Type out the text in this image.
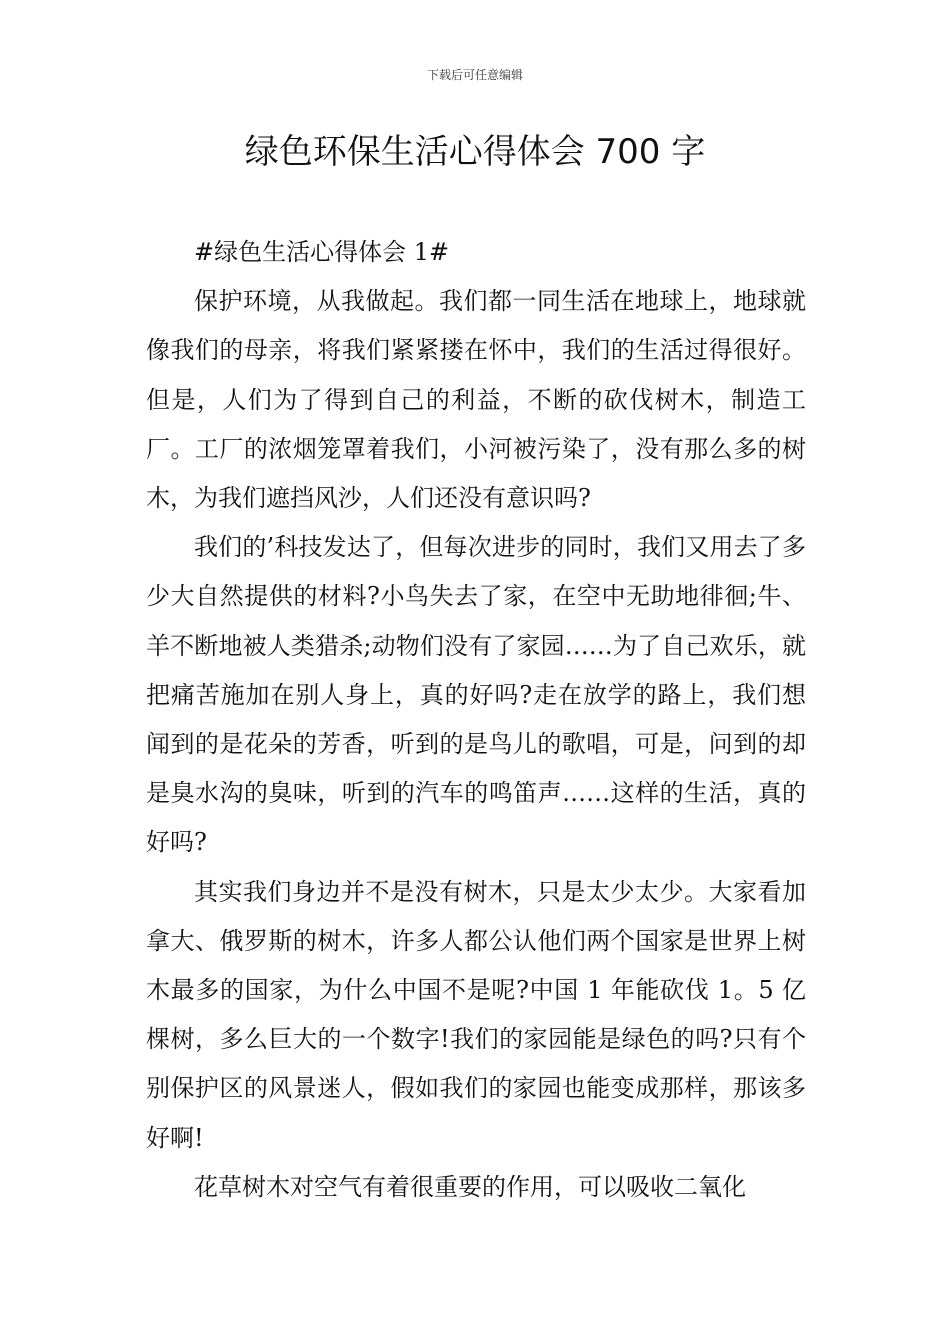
下载后可任意编辑
绿色环保生活心得体会 700 字

#绿色生活心得体会 1#

保护环境，从我做起。我们都一同生活在地球上，地球就像我们的母亲，将我们紧紧搂在怀中，我们的生活过得很好。但是，人们为了得到自己的利益，不断的砍伐树木，制造工厂。工厂的浓烟笼罩着我们，小河被污染了，没有那么多的树木，为我们遮挡风沙，人们还没有意识吗?

我们的’科技发达了，但每次进步的同时，我们又用去了多少大自然提供的材料?小鸟失去了家，在空中无助地徘徊;牛、羊不断地被人类猎杀;动物们没有了家园……为了自己欢乐，就把痛苦施加在别人身上，真的好吗?走在放学的路上，我们想闻到的是花朵的芳香，听到的是鸟儿的歌唱，可是，问到的却是臭水沟的臭味，听到的汽车的鸣笛声……这样的生活，真的好吗?

其实我们身边并不是没有树木，只是太少太少。大家看加拿大、俄罗斯的树木，许多人都公认他们两个国家是世界上树木最多的国家，为什么中国不是呢?中国 1 年能砍伐 1。5 亿棵树，多么巨大的一个数字!我们的家园能是绿色的吗?只有个别保护区的风景迷人，假如我们的家园也能变成那样，那该多好啊!

花草树木对空气有着很重要的作用，可以吸收二氧化
